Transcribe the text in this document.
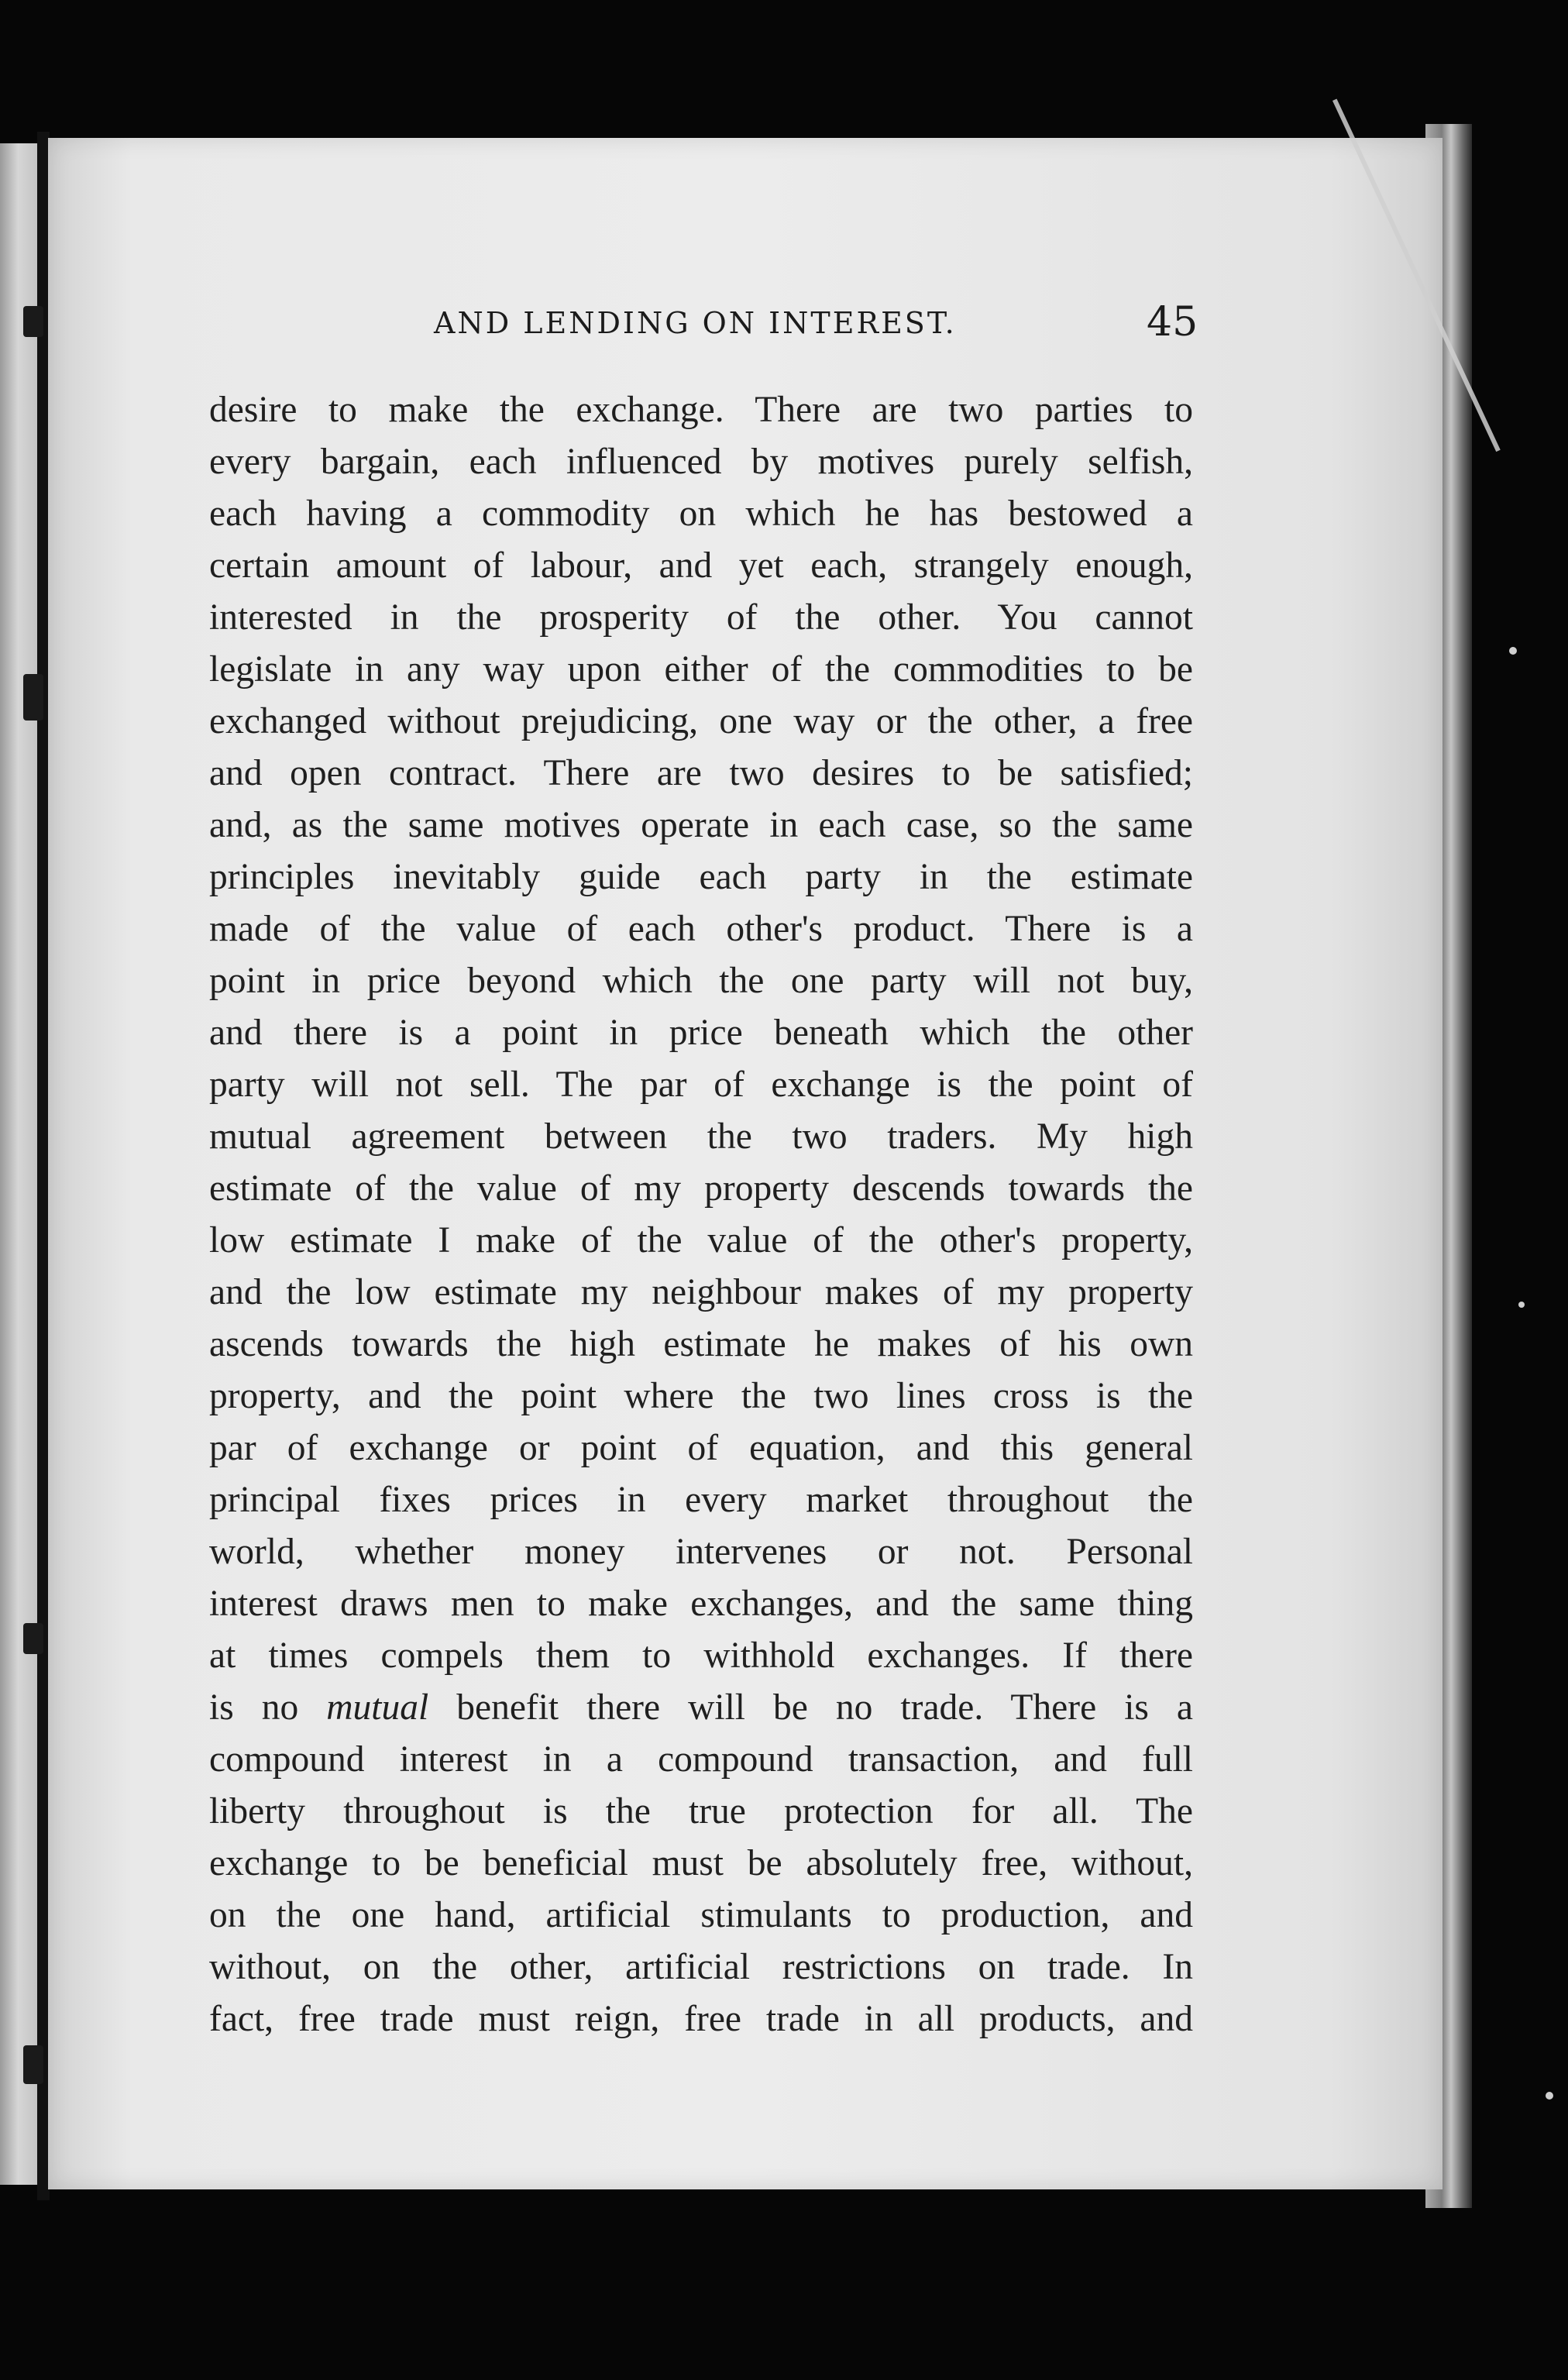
AND LENDING ON INTEREST.	45
desire to make the exchange. There are two parties to
every bargain, each influenced by motives purely selfish,
each having a commodity on which he has bestowed a
certain amount of labour, and yet each, strangely enough,
interested in the prosperity of the other. You cannot
legislate in any way upon either of the commodities to be
exchanged without prejudicing, one way or the other, a free
and open contract. There are two desires to be satisfied;
and, as the same motives operate in each case, so the same
principles inevitably guide each party in the estimate
made of the value of each other's product. There is a
point in price beyond which the one party will not buy,
and there is a point in price beneath which the other
party will not sell. The par of exchange is the point of
mutual agreement between the two traders. My high
estimate of the value of my property descends towards the
low estimate I make of the value of the other's property,
and the low estimate my neighbour makes of my property
ascends towards the high estimate he makes of his own
property, and the point where the two lines cross is the
par of exchange or point of equation, and this general
principal fixes prices in every market throughout the
world, whether money intervenes or not. Personal
interest draws men to make exchanges, and the same thing
at times compels them to withhold exchanges. If there
is no mutual benefit there will be no trade. There is a
compound interest in a compound transaction, and full
liberty throughout is the true protection for all. The
exchange to be beneficial must be absolutely free, without,
on the one hand, artificial stimulants to production, and
without, on the other, artificial restrictions on trade. In
fact, free trade must reign, free trade in all products, and
